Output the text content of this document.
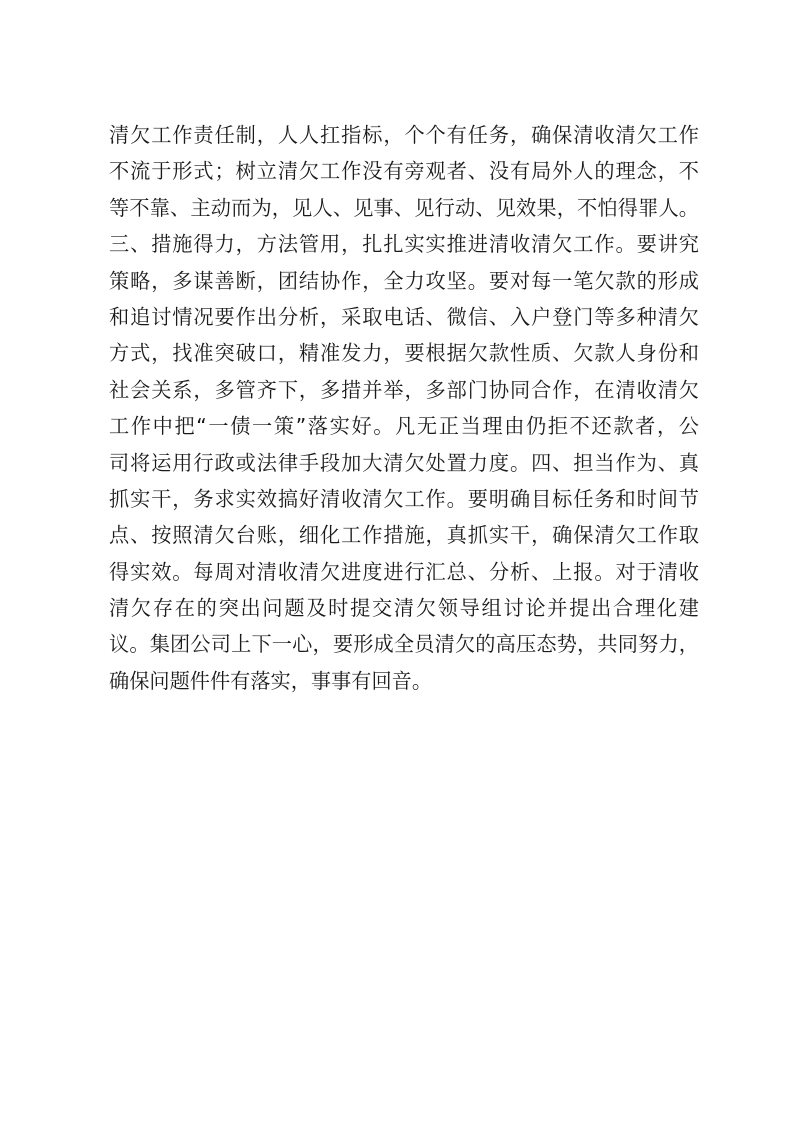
清欠工作责任制，人人扛指标，个个有任务，确保清收清欠工作
不流于形式；树立清欠工作没有旁观者、没有局外人的理念，不
等不靠、主动而为，见人、见事、见行动、见效果，不怕得罪人。
三、措施得力，方法管用，扎扎实实推进清收清欠工作。要讲究
策略，多谋善断，团结协作，全力攻坚。要对每一笔欠款的形成
和追讨情况要作出分析，采取电话、微信、入户登门等多种清欠
方式，找准突破口，精准发力，要根据欠款性质、欠款人身份和
社会关系，多管齐下，多措并举，多部门协同合作，在清收清欠
工作中把“一债一策”落实好。凡无正当理由仍拒不还款者，公
司将运用行政或法律手段加大清欠处置力度。四、担当作为、真
抓实干，务求实效搞好清收清欠工作。要明确目标任务和时间节
点、按照清欠台账，细化工作措施，真抓实干，确保清欠工作取
得实效。每周对清收清欠进度进行汇总、分析、上报。对于清收
清欠存在的突出问题及时提交清欠领导组讨论并提出合理化建
议。集团公司上下一心，要形成全员清欠的高压态势，共同努力，
确保问题件件有落实，事事有回音。
